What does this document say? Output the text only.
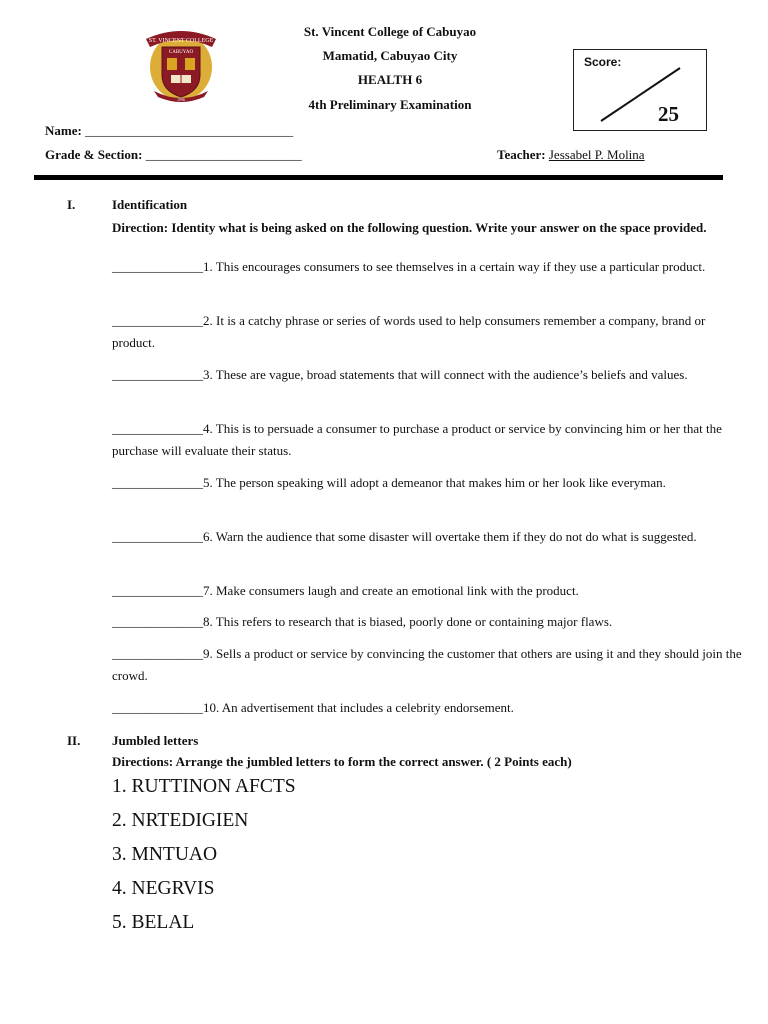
ST. VINCENT COLLEGE
CABUYAO
1996
St. Vincent College of Cabuyao
Mamatid, Cabuyao City
HEALTH 6
4th Preliminary Examination
Score:
25
Name: ________________________________
Grade & Section: ________________________	Teacher: Jessabel P. Molina
I.	Identification
Direction: Identity what is being asked on the following question. Write your answer on the space provided.
______________1. This encourages consumers to see themselves in a certain way if they use a particular product.
______________2. It is a catchy phrase or series of words used to help consumers remember a company, brand or product.
______________3. These are vague, broad statements that will connect with the audience’s beliefs and values.
______________4. This is to persuade a consumer to purchase a product or service by convincing him or her that the purchase will evaluate their status.
______________5. The person speaking will adopt a demeanor that makes him or her look like everyman.
______________6. Warn the audience that some disaster will overtake them if they do not do what is suggested.
______________7. Make consumers laugh and create an emotional link with the product.
______________8. This refers to research that is biased, poorly done or containing major flaws.
______________9. Sells a product or service by convincing the customer that others are using it and they should join the crowd.
______________10. An advertisement that includes a celebrity endorsement.
II. Jumbled letters
Directions: Arrange the jumbled letters to form the correct answer. ( 2 Points each)
1. RUTTINON AFCTS
2. NRTEDIGIEN
3. MNTUAO
4. NEGRVIS
5. BELAL
